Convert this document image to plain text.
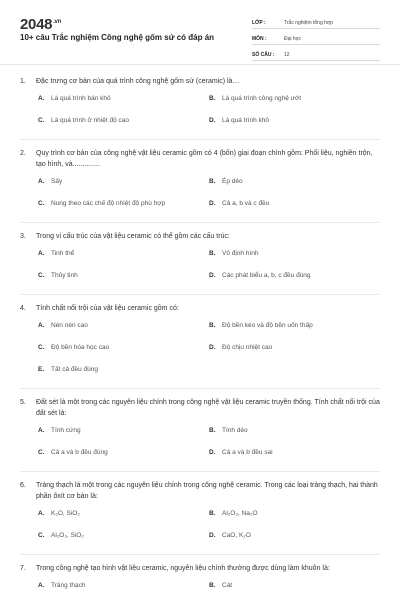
$2048^{.vn}$
10+ câu Trắc nghiệm Công nghệ gốm sứ có đáp án
LỚP :	Trắc nghiệm tổng hợp
MÔN :	Đại học
SỐ CÂU :	12
1.	Đặc trưng cơ bản của quá trình công nghệ gốm sứ (ceramic) là…
A.	Là quá trình bán khô	B.	Là quá trình công nghệ ướt
C.	Là quá trình ở nhiệt độ cao	D.	Là quá trình khô
2.	Quy trình cơ bản của công nghệ vật liệu ceramic gồm có 4 (bốn) giai đoạn chính gồm: Phối liệu, nghiền trộn, tạo hình, và..............
A.	Sấy	B.	Ép dẻo
C.	Nung theo các chế độ nhiệt độ phù hợp	D.	Cả a, b và c đều
3.	Trong vi cấu trúc của vật liệu ceramic có thể gồm các cấu trúc:
A.	Tinh thể	B.	Vô định hình
C.	Thủy tinh	D.	Các phát biểu a, b, c đều đúng
4.	Tính chất nổi trội của vật liệu ceramic gồm có:
A.	Nén nén cao	B.	Độ bền kéo và độ bền uốn thấp
C.	Độ bền hóa học cao	D.	Độ chịu nhiệt cao
E.	Tất cả đều đúng
5.	Đất sét là một trong các nguyên liệu chính trong công nghệ vật liệu ceramic truyền thống. Tính chất nổi trội của đất sét là:
A.	Tính cứng	B.	Tính dẻo
C.	Cả a và b đều đúng	D.	Cả a và b đều sai
6.	Tràng thạch là một trong các nguyên liệu chính trong công nghệ ceramic. Trong các loại tràng thạch, hai thành phần ôxít cơ bản là:
A.	K₂O, SiO₂	B.	Al₂O₃, Na₂O
C.	Al₂O₃, SiO₂	D.	CaO, K₂O
7.	Trong công nghệ tạo hình vật liệu ceramic, nguyên liệu chính thường được dùng làm khuôn là:
A.	Tràng thạch	B.	Cát
